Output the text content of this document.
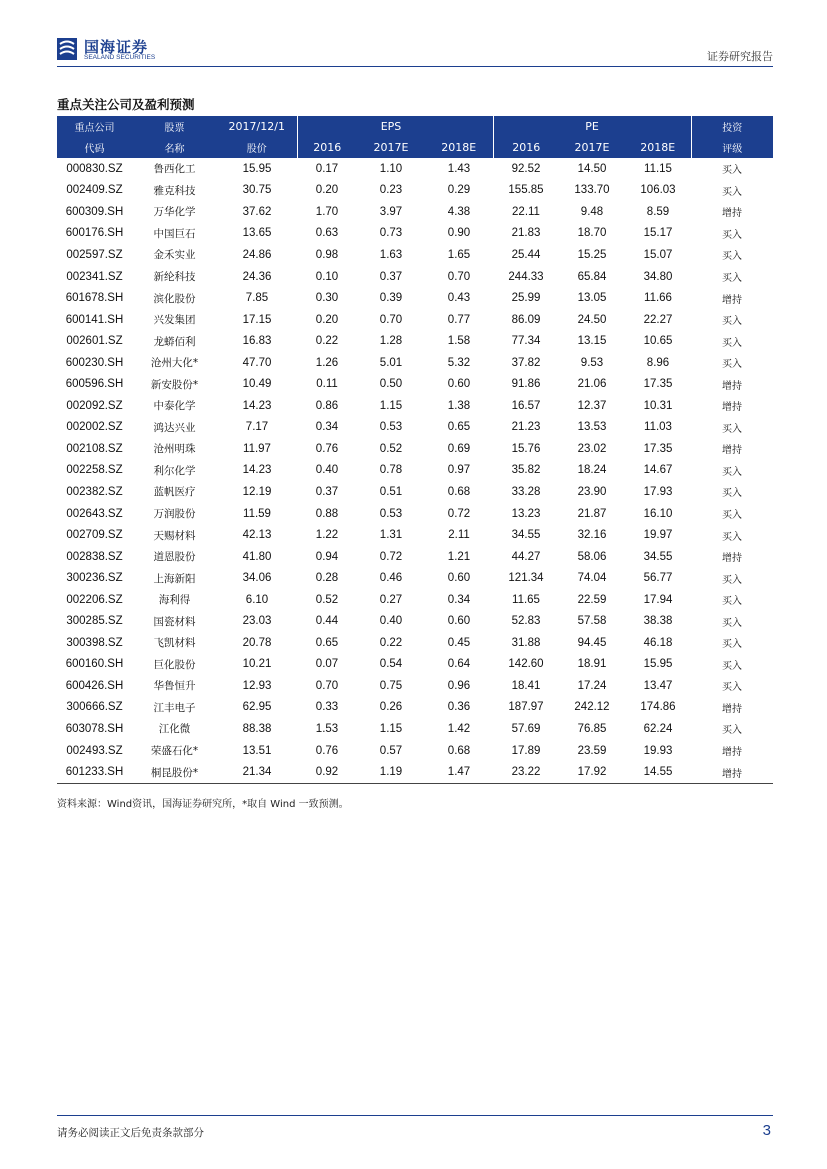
国海证券
SEALAND SECURITIES	证券研究报告
重点关注公司及盈利预测
重点公司	股票	2017/12/1		EPS			PE		投资
代码	名称	股价	2016	2017E	2018E	2016	2017E	2018E	评级
000830.SZ	鲁西化工	15.95	0.17	1.10	1.43	92.52	14.50	11.15	买入
002409.SZ	雅克科技	30.75	0.20	0.23	0.29	155.85	133.70	106.03	买入
600309.SH	万华化学	37.62	1.70	3.97	4.38	22.11	9.48	8.59	增持
600176.SH	中国巨石	13.65	0.63	0.73	0.90	21.83	18.70	15.17	买入
002597.SZ	金禾实业	24.86	0.98	1.63	1.65	25.44	15.25	15.07	买入
002341.SZ	新纶科技	24.36	0.10	0.37	0.70	244.33	65.84	34.80	买入
601678.SH	滨化股份	7.85	0.30	0.39	0.43	25.99	13.05	11.66	增持
600141.SH	兴发集团	17.15	0.20	0.70	0.77	86.09	24.50	22.27	买入
002601.SZ	龙蟒佰利	16.83	0.22	1.28	1.58	77.34	13.15	10.65	买入
600230.SH	沧州大化*	47.70	1.26	5.01	5.32	37.82	9.53	8.96	买入
600596.SH	新安股份*	10.49	0.11	0.50	0.60	91.86	21.06	17.35	增持
002092.SZ	中泰化学	14.23	0.86	1.15	1.38	16.57	12.37	10.31	增持
002002.SZ	鸿达兴业	7.17	0.34	0.53	0.65	21.23	13.53	11.03	买入
002108.SZ	沧州明珠	11.97	0.76	0.52	0.69	15.76	23.02	17.35	增持
002258.SZ	利尔化学	14.23	0.40	0.78	0.97	35.82	18.24	14.67	买入
002382.SZ	蓝帆医疗	12.19	0.37	0.51	0.68	33.28	23.90	17.93	买入
002643.SZ	万润股份	11.59	0.88	0.53	0.72	13.23	21.87	16.10	买入
002709.SZ	天赐材料	42.13	1.22	1.31	2.11	34.55	32.16	19.97	买入
002838.SZ	道恩股份	41.80	0.94	0.72	1.21	44.27	58.06	34.55	增持
300236.SZ	上海新阳	34.06	0.28	0.46	0.60	121.34	74.04	56.77	买入
002206.SZ	海利得	6.10	0.52	0.27	0.34	11.65	22.59	17.94	买入
300285.SZ	国瓷材料	23.03	0.44	0.40	0.60	52.83	57.58	38.38	买入
300398.SZ	飞凯材料	20.78	0.65	0.22	0.45	31.88	94.45	46.18	买入
600160.SH	巨化股份	10.21	0.07	0.54	0.64	142.60	18.91	15.95	买入
600426.SH	华鲁恒升	12.93	0.70	0.75	0.96	18.41	17.24	13.47	买入
300666.SZ	江丰电子	62.95	0.33	0.26	0.36	187.97	242.12	174.86	增持
603078.SH	江化微	88.38	1.53	1.15	1.42	57.69	76.85	62.24	买入
002493.SZ	荣盛石化*	13.51	0.76	0.57	0.68	17.89	23.59	19.93	增持
601233.SH	桐昆股份*	21.34	0.92	1.19	1.47	23.22	17.92	14.55	增持
资料来源：Wind资讯，国海证券研究所，*取自 Wind 一致预测。
请务必阅读正文后免责条款部分	3
